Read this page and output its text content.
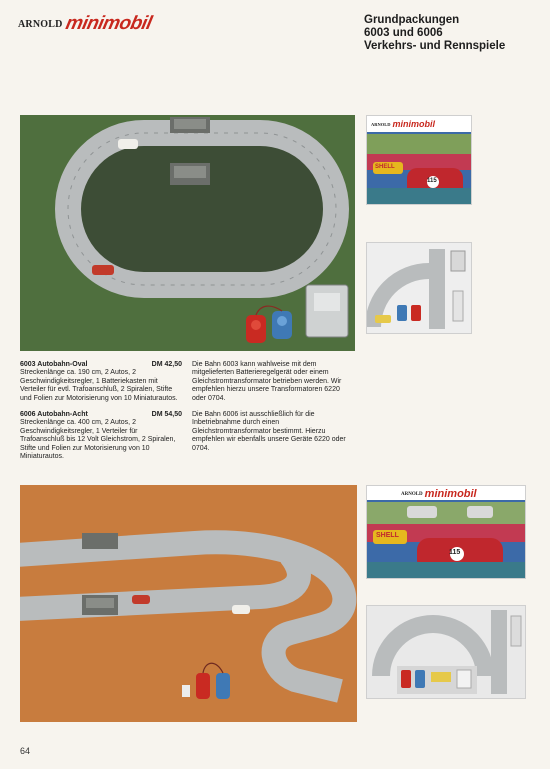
ARNOLD minimobil	Grundpackungen
6003 und 6006
Verkehrs- und Rennspiele
ARNOLD minimobil
SHELL
115
6003 Autobahn-Oval	DM 42,50

Streckenlänge ca. 190 cm, 2 Autos, 2 Geschwindigkeitsregler, 1 Batteriekasten mit Verteiler für evtl. Trafoanschluß, 2 Spiralen, Stifte und Folien zur Motorisierung von 10 Miniaturautos.

Die Bahn 6003 kann wahlweise mit dem mitgelieferten Batterieregelgerät oder einem Gleichstromtransformator betrieben werden. Wir empfehlen hierzu unsere Transformatoren 6220 oder 0704.

6006 Autobahn-Acht	DM 54,50

Streckenlänge ca. 400 cm, 2 Autos, 2 Geschwindigkeitsregler, 1 Verteiler für Trafoanschluß bis 12 Volt Gleichstrom, 2 Spiralen, Stifte und Folien zur Motorisierung von 10 Miniaturautos.

Die Bahn 6006 ist ausschließlich für die Inbetriebnahme durch einen Gleichstromtransformator bestimmt. Hierzu empfehlen wir ebenfalls unsere Geräte 6220 oder 0704.

ARNOLD minimobil
SHELL
115
64
